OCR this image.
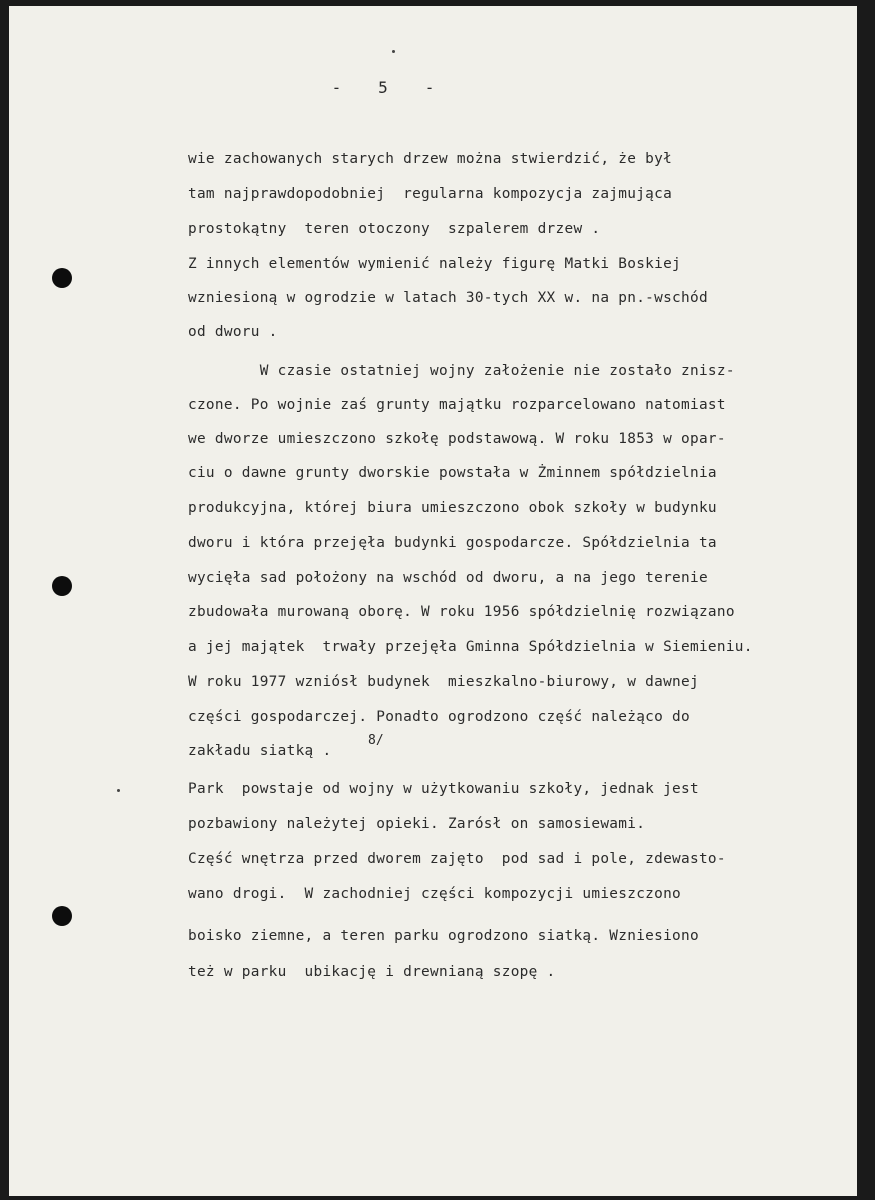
-   5   -
wie zachowanych starych drzew można stwierdzić, że był
tam najprawdopodobniej  regularna kompozycja zajmująca
prostokątny  teren otoczony  szpalerem drzew .
Z innych elementów wymienić należy figurę Matki Boskiej
wzniesioną w ogrodzie w latach 30-tych XX w. na pn.-wschód
od dworu .
W czasie ostatniej wojny założenie nie zostało znisz-
czone. Po wojnie zaś grunty majątku rozparcelowano natomiast
we dworze umieszczono szkołę podstawową. W roku 1853 w opar-
ciu o dawne grunty dworskie powstała w Żminnem spółdzielnia
produkcyjna, której biura umieszczono obok szkoły w budynku
dworu i która przejęła budynki gospodarcze. Spółdzielnia ta
wycięła sad położony na wschód od dworu, a na jego terenie
zbudowała murowaną oborę. W roku 1956 spółdzielnię rozwiązano
a jej majątek  trwały przejęła Gminna Spółdzielnia w Siemieniu.
W roku 1977 wzniósł budynek  mieszkalno-biurowy, w dawnej
części gospodarczej. Ponadto ogrodzono część należąco do
zakładu siatką .
8/
Park  powstaje od wojny w użytkowaniu szkoły, jednak jest
pozbawiony należytej opieki. Zarósł on samosiewami.
Część wnętrza przed dworem zajęto  pod sad i pole, zdewasto-
wano drogi.  W zachodniej części kompozycji umieszczono
boisko ziemne, a teren parku ogrodzono siatką. Wzniesiono
też w parku  ubikację i drewnianą szopę .
